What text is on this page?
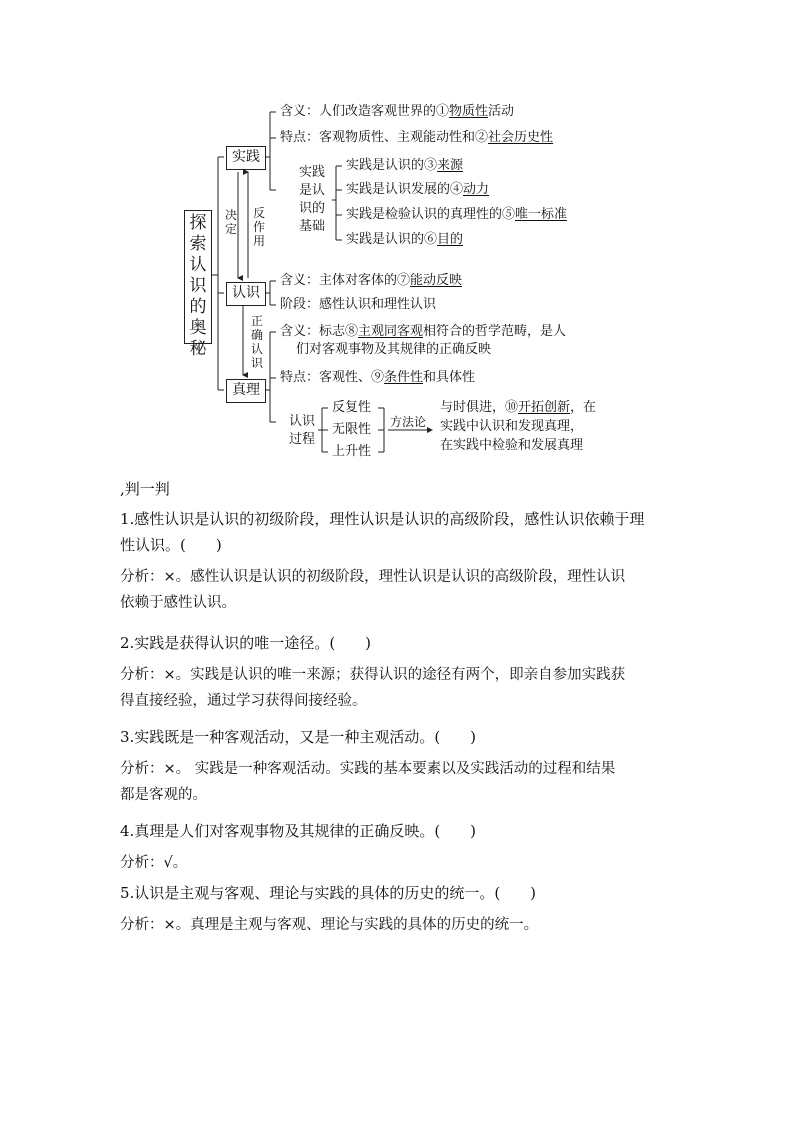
探索认识的奥秘
实践
认识
真理
决定
反作用
正确认识
含义：人们改造客观世界的①物质性活动
特点：客观物质性、主观能动性和②社会历史性
实践是认识的基础
实践是认识的③来源
实践是认识发展的④动力
实践是检验认识的真理性的⑤唯一标准
实践是认识的⑥目的
含义：主体对客体的⑦能动反映
阶段：感性认识和理性认识
含义：标志⑧主观同客观相符合的哲学范畴，是人
们对客观事物及其规律的正确反映
特点：客观性、⑨条件性和具体性
认识过程
反复性
无限性
上升性
方法论
与时俱进，⑩开拓创新，在
实践中认识和发现真理，
在实践中检验和发展真理
,判一判
1.感性认识是认识的初级阶段，理性认识是认识的高级阶段，感性认识依赖于理
性认识。(　　)
分析：×。感性认识是认识的初级阶段，理性认识是认识的高级阶段，理性认识
依赖于感性认识。
2.实践是获得认识的唯一途径。(　　)
分析：×。实践是认识的唯一来源；获得认识的途径有两个，即亲自参加实践获
得直接经验，通过学习获得间接经验。
3.实践既是一种客观活动，又是一种主观活动。(　　)
分析：×。 实践是一种客观活动。实践的基本要素以及实践活动的过程和结果
都是客观的。
4.真理是人们对客观事物及其规律的正确反映。(　　)
分析：√。
5.认识是主观与客观、理论与实践的具体的历史的统一。(　　)
分析：×。真理是主观与客观、理论与实践的具体的历史的统一。
